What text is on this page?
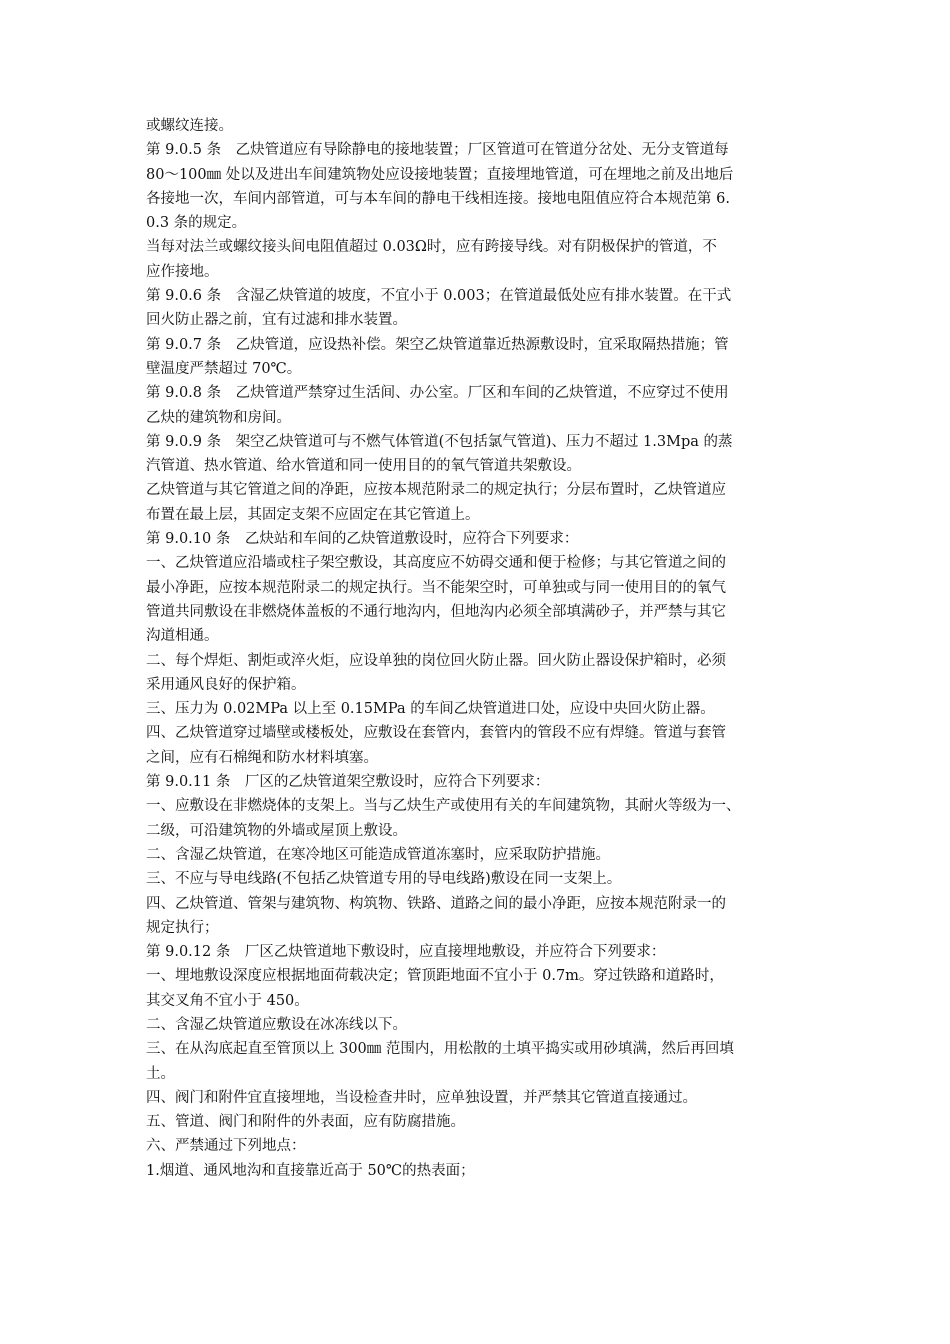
或螺纹连接。
第 9.0.5 条　乙炔管道应有导除静电的接地装置；厂区管道可在管道分岔处、无分支管道每
80～100㎜ 处以及进出车间建筑物处应设接地装置；直接埋地管道，可在埋地之前及出地后
各接地一次，车间内部管道，可与本车间的静电干线相连接。接地电阻值应符合本规范第 6.
0.3 条的规定。
当每对法兰或螺纹接头间电阻值超过 0.03Ω时，应有跨接导线。对有阴极保护的管道，不
应作接地。
第 9.0.6 条　含湿乙炔管道的坡度，不宜小于 0.003；在管道最低处应有排水装置。在干式
回火防止器之前，宜有过滤和排水装置。
第 9.0.7 条　乙炔管道，应设热补偿。架空乙炔管道靠近热源敷设时，宜采取隔热措施；管
壁温度严禁超过 70℃。
第 9.0.8 条　乙炔管道严禁穿过生活间、办公室。厂区和车间的乙炔管道，不应穿过不使用
乙炔的建筑物和房间。
第 9.0.9 条　架空乙炔管道可与不燃气体管道(不包括氯气管道)、压力不超过 1.3Mpa 的蒸
汽管道、热水管道、给水管道和同一使用目的的氧气管道共架敷设。
乙炔管道与其它管道之间的净距，应按本规范附录二的规定执行；分层布置时，乙炔管道应
布置在最上层，其固定支架不应固定在其它管道上。
第 9.0.10 条　乙炔站和车间的乙炔管道敷设时，应符合下列要求：
一、乙炔管道应沿墙或柱子架空敷设，其高度应不妨碍交通和便于检修；与其它管道之间的
最小净距，应按本规范附录二的规定执行。当不能架空时，可单独或与同一使用目的的氧气
管道共同敷设在非燃烧体盖板的不通行地沟内，但地沟内必须全部填满砂子，并严禁与其它
沟道相通。
二、每个焊炬、割炬或淬火炬，应设单独的岗位回火防止器。回火防止器设保护箱时，必须
采用通风良好的保护箱。
三、压力为 0.02MPa 以上至 0.15MPa 的车间乙炔管道进口处，应设中央回火防止器。
四、乙炔管道穿过墙壁或楼板处，应敷设在套管内，套管内的管段不应有焊缝。管道与套管
之间，应有石棉绳和防水材料填塞。
第 9.0.11 条　厂区的乙炔管道架空敷设时，应符合下列要求：
一、应敷设在非燃烧体的支架上。当与乙炔生产或使用有关的车间建筑物，其耐火等级为一、
二级，可沿建筑物的外墙或屋顶上敷设。
二、含湿乙炔管道，在寒冷地区可能造成管道冻塞时，应采取防护措施。
三、不应与导电线路(不包括乙炔管道专用的导电线路)敷设在同一支架上。
四、乙炔管道、管架与建筑物、构筑物、铁路、道路之间的最小净距，应按本规范附录一的
规定执行；
第 9.0.12 条　厂区乙炔管道地下敷设时，应直接埋地敷设，并应符合下列要求：
一、埋地敷设深度应根据地面荷载决定；管顶距地面不宜小于 0.7m。穿过铁路和道路时，
其交叉角不宜小于 450。
二、含湿乙炔管道应敷设在冰冻线以下。
三、在从沟底起直至管顶以上 300㎜ 范围内，用松散的土填平捣实或用砂填满，然后再回填
土。
四、阀门和附件宜直接埋地，当设检查井时，应单独设置，并严禁其它管道直接通过。
五、管道、阀门和附件的外表面，应有防腐措施。
六、严禁通过下列地点：
1.烟道、通风地沟和直接靠近高于 50℃的热表面；
